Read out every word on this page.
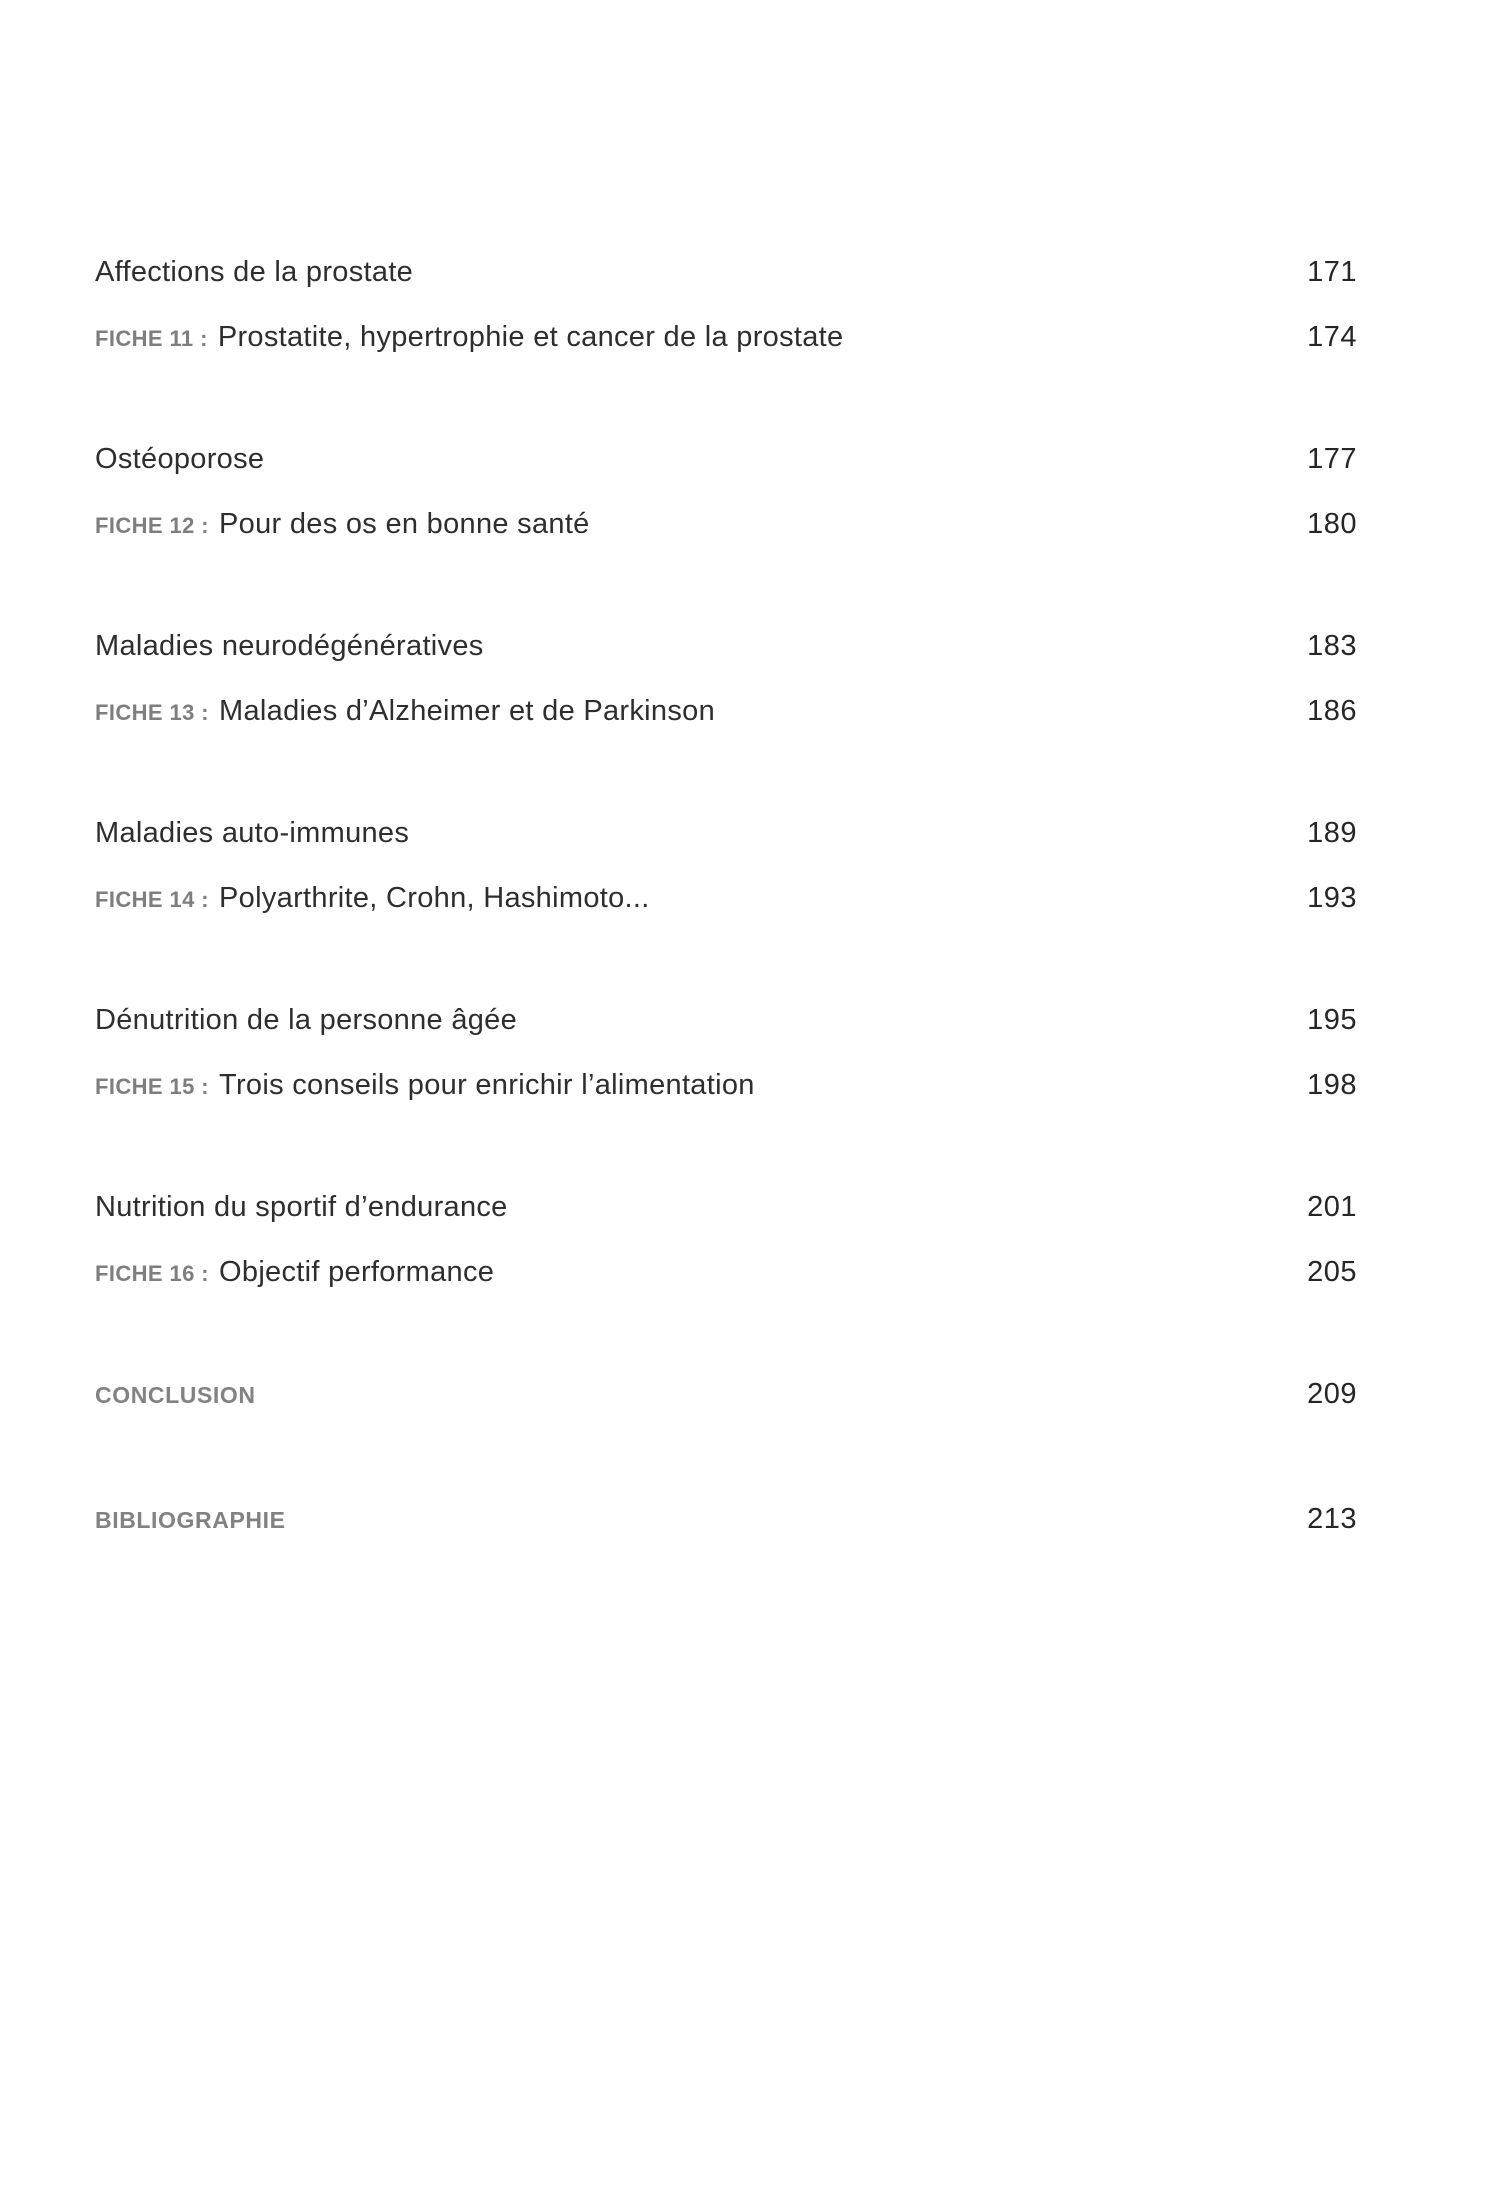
Affections de la prostate	171
FICHE 11 : Prostatite, hypertrophie et cancer de la prostate	174
Ostéoporose	177
FICHE 12 : Pour des os en bonne santé	180
Maladies neurodégénératives	183
FICHE 13 : Maladies d’Alzheimer et de Parkinson	186
Maladies auto-immunes	189
FICHE 14 : Polyarthrite, Crohn, Hashimoto...	193
Dénutrition de la personne âgée	195
FICHE 15 : Trois conseils pour enrichir l’alimentation	198
Nutrition du sportif d’endurance	201
FICHE 16 : Objectif performance	205
CONCLUSION	209
BIBLIOGRAPHIE	213
